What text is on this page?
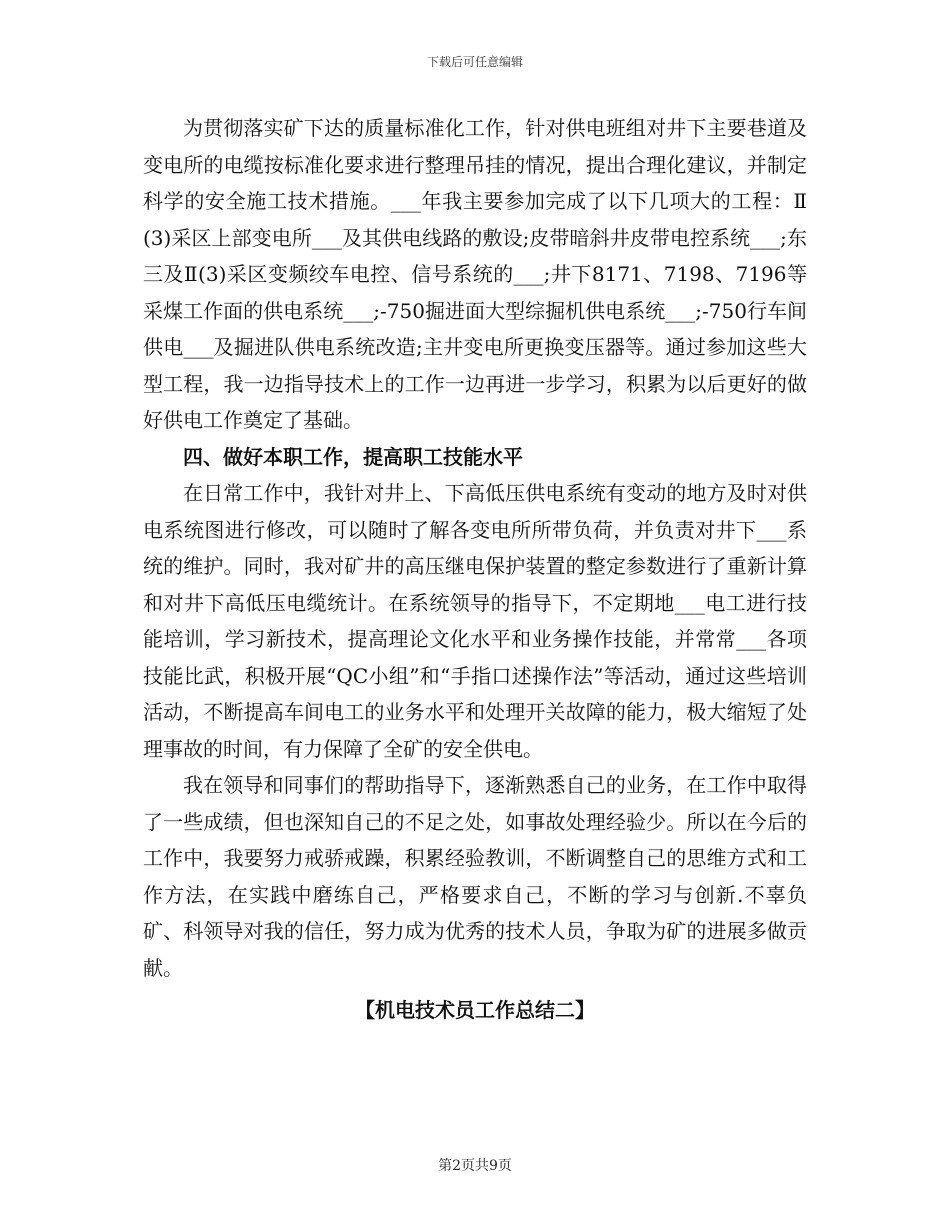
下载后可任意编辑

为贯彻落实矿下达的质量标准化工作，针对供电班组对井下主要巷道及变电所的电缆按标准化要求进行整理吊挂的情况，提出合理化建议，并制定科学的安全施工技术措施。___年我主要参加完成了以下几项大的工程：Ⅱ(3)采区上部变电所___及其供电线路的敷设;皮带暗斜井皮带电控系统___;东三及Ⅱ(3)采区变频绞车电控、信号系统的___;井下8171、7198、7196等采煤工作面的供电系统___;-750掘进面大型综掘机供电系统___;-750行车间供电___及掘进队供电系统改造;主井变电所更换变压器等。通过参加这些大型工程，我一边指导技术上的工作一边再进一步学习，积累为以后更好的做好供电工作奠定了基础。

四、做好本职工作，提高职工技能水平

在日常工作中，我针对井上、下高低压供电系统有变动的地方及时对供电系统图进行修改，可以随时了解各变电所所带负荷，并负责对井下___系统的维护。同时，我对矿井的高压继电保护装置的整定参数进行了重新计算和对井下高低压电缆统计。在系统领导的指导下，不定期地___电工进行技能培训，学习新技术，提高理论文化水平和业务操作技能，并常常___各项技能比武，积极开展“QC小组”和“手指口述操作法”等活动，通过这些培训活动，不断提高车间电工的业务水平和处理开关故障的能力，极大缩短了处理事故的时间，有力保障了全矿的安全供电。

我在领导和同事们的帮助指导下，逐渐熟悉自己的业务，在工作中取得了一些成绩，但也深知自己的不足之处，如事故处理经验少。所以在今后的工作中，我要努力戒骄戒躁，积累经验教训，不断调整自己的思维方式和工作方法，在实践中磨练自己，严格要求自己，不断的学习与创新.不辜负矿、科领导对我的信任，努力成为优秀的技术人员，争取为矿的进展多做贡献。

【机电技术员工作总结二】

第2页共9页
